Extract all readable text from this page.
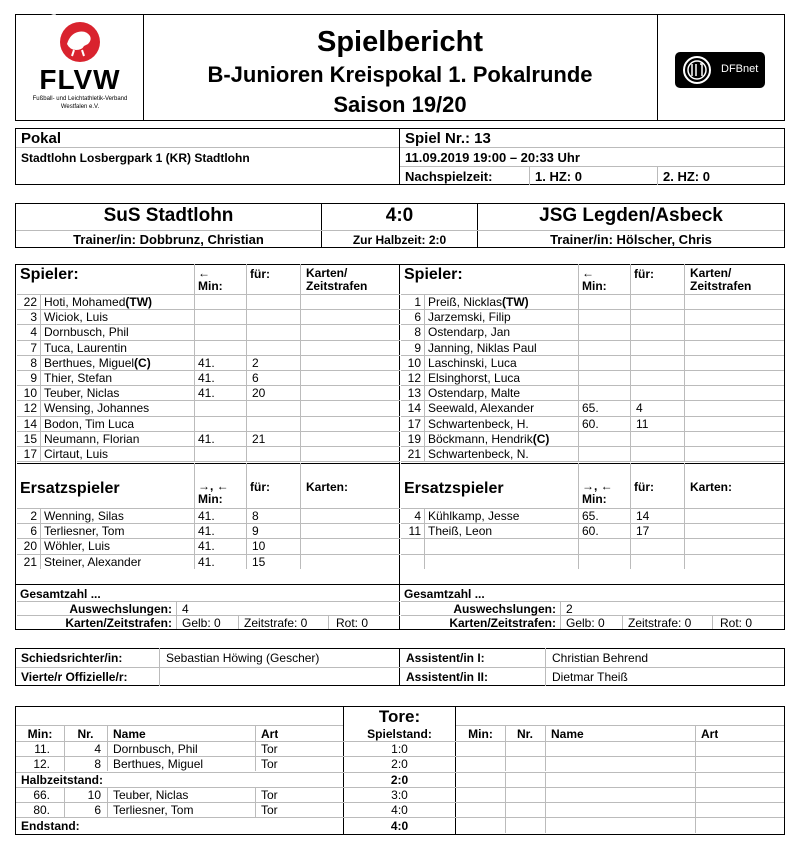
FLVW
FLVW
Fußball- und Leichtathletik-Verband
Westfalen e.V.
Spielbericht
B-Junioren Kreispokal 1. Pokalrunde
Saison 19/20
DFBnet
Pokal
Stadtlohn Losbergpark 1 (KR) Stadtlohn
Spiel Nr.: 13
11.09.2019 19:00 – 20:33 Uhr
Nachspielzeit:	1. HZ: 0	2. HZ: 0
SuS Stadtlohn	4:0	JSG Legden/Asbeck
Trainer/in: Dobbrunz, Christian	Zur Halbzeit: 2:0	Trainer/in: Hölscher, Chris
Spieler:	←
Min:
für:	Karten/
Zeitstrafen
22 Hoti, Mohamed(TW)
3 Wiciok, Luis
4 Dornbusch, Phil
7 Tuca, Laurentin
8 Berthues, Miguel(C)	41.	2
9 Thier, Stefan	41.	6
10 Teuber, Niclas	41.	20
12 Wensing, Johannes
14 Bodon, Tim Luca
15 Neumann, Florian	41.	21
17 Cirtaut, Luis
Ersatzspieler	→, ←
Min:
für:	Karten:
2 Wenning, Silas	41.	8
6 Terliesner, Tom	41.	9
20 Wöhler, Luis	41.	10
21 Steiner, Alexander	41.	15
Gesamtzahl ...
Auswechslungen: 4
Karten/Zeitstrafen: Gelb: 0 Zeitstrafe: 0 Rot: 0
Spieler:	←
Min:
für:	Karten/
Zeitstrafen
1 Preiß, Nicklas(TW)
6 Jarzemski, Filip
8 Ostendarp, Jan
9 Janning, Niklas Paul
10 Laschinski, Luca
12 Elsinghorst, Luca
13 Ostendarp, Malte
14 Seewald, Alexander	65.	4
17 Schwartenbeck, H.	60.	11
19 Böckmann, Hendrik(C)
21 Schwartenbeck, N.
Ersatzspieler	→, ←
Min:
für:	Karten:
4 Kühlkamp, Jesse	65.	14
11 Theiß, Leon	60.	17
Gesamtzahl ...
Auswechslungen: 2
Karten/Zeitstrafen: Gelb: 0 Zeitstrafe: 0 Rot: 0
Schiedsrichter/in:	Sebastian Höwing (Gescher)
Vierte/r Offizielle/r:
Assistent/in I:	Christian Behrend
Assistent/in II:	Dietmar Theiß
Tore:
Min:	Nr.	Name	Art	Min:	Nr.	Name	Art
Spielstand:
11.	4 Dornbusch, Phil	Tor	1:0
12.	8 Berthues, Miguel	Tor	2:0
Halbzeitstand:	2:0
66.	10 Teuber, Niclas	Tor	3:0
80.	6 Terliesner, Tom	Tor	4:0
Endstand:	4:0
